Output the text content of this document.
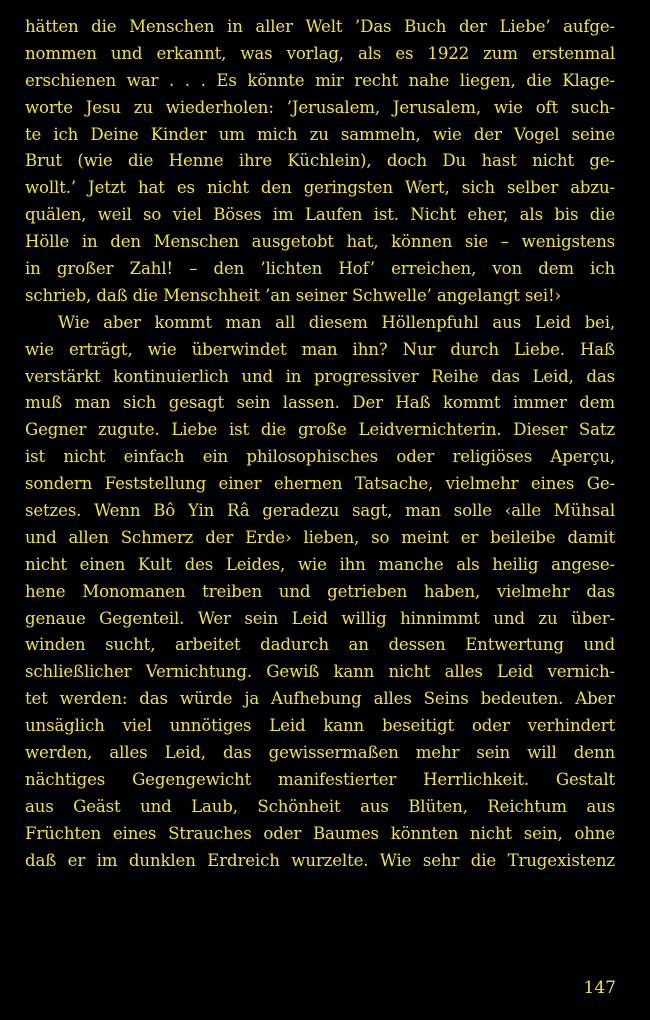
hätten die Menschen in aller Welt ’Das Buch der Liebe’ aufge-
nommen und erkannt, was vorlag, als es 1922 zum erstenmal
erschienen war . . . Es könnte mir recht nahe liegen, die Klage-
worte Jesu zu wiederholen: ’Jerusalem, Jerusalem, wie oft such-
te ich Deine Kinder um mich zu sammeln, wie der Vogel seine
Brut (wie die Henne ihre Küchlein), doch Du hast nicht ge-
wollt.’ Jetzt hat es nicht den geringsten Wert, sich selber abzu-
quälen, weil so viel Böses im Laufen ist. Nicht eher, als bis die
Hölle in den Menschen ausgetobt hat, können sie – wenigstens
in großer Zahl! – den ’lichten Hof’ erreichen, von dem ich
schrieb, daß die Menschheit ’an seiner Schwelle’ angelangt sei!›
Wie aber kommt man all diesem Höllenpfuhl aus Leid bei,
wie erträgt, wie überwindet man ihn? Nur durch Liebe. Haß
verstärkt kontinuierlich und in progressiver Reihe das Leid, das
muß man sich gesagt sein lassen. Der Haß kommt immer dem
Gegner zugute. Liebe ist die große Leidvernichterin. Dieser Satz
ist nicht einfach ein philosophisches oder religiöses Aperçu,
sondern Feststellung einer ehernen Tatsache, vielmehr eines Ge-
setzes. Wenn Bô Yin Râ geradezu sagt, man solle ‹alle Mühsal
und allen Schmerz der Erde› lieben, so meint er beileibe damit
nicht einen Kult des Leides, wie ihn manche als heilig angese-
hene Monomanen treiben und getrieben haben, vielmehr das
genaue Gegenteil. Wer sein Leid willig hinnimmt und zu über-
winden sucht, arbeitet dadurch an dessen Entwertung und
schließlicher Vernichtung. Gewiß kann nicht alles Leid vernich-
tet werden: das würde ja Aufhebung alles Seins bedeuten. Aber
unsäglich viel unnötiges Leid kann beseitigt oder verhindert
werden, alles Leid, das gewissermaßen mehr sein will denn
nächtiges Gegengewicht manifestierter Herrlichkeit. Gestalt
aus Geäst und Laub, Schönheit aus Blüten, Reichtum aus
Früchten eines Strauches oder Baumes könnten nicht sein, ohne
daß er im dunklen Erdreich wurzelte. Wie sehr die Trugexistenz
147
